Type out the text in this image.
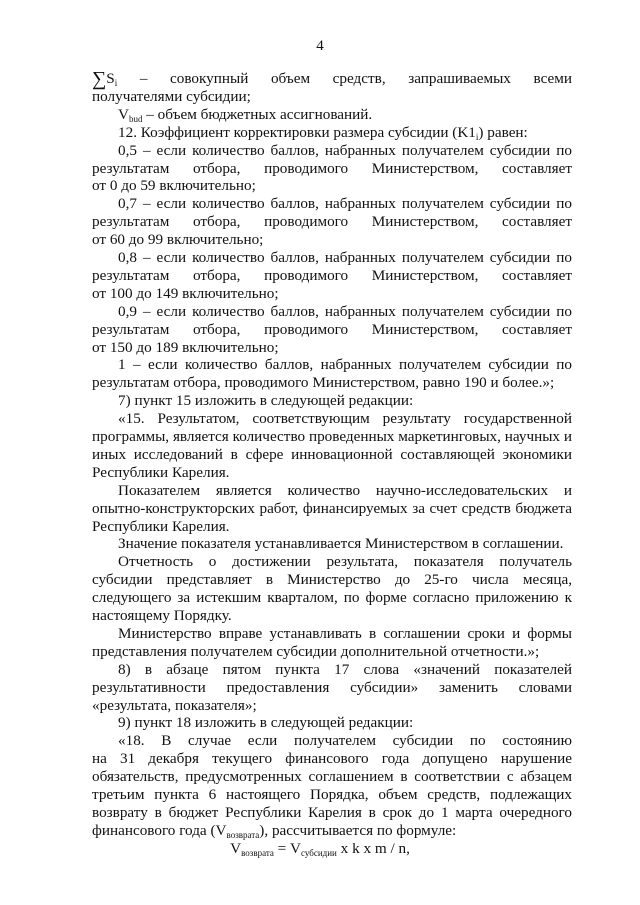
4
$\sum S_i$ – совокупный объем средств, запрашиваемых всеми
получателями субсидии;
$V_{bud}$ – объем бюджетных ассигнований.
12. Коэффициент корректировки размера субсидии $(K1_i)$ равен:
0,5 – если количество баллов, набранных получателем субсидии по
результатам отбора, проводимого Министерством, составляет
от 0 до 59 включительно;
0,7 – если количество баллов, набранных получателем субсидии по
результатам отбора, проводимого Министерством, составляет
от 60 до 99 включительно;
0,8 – если количество баллов, набранных получателем субсидии по
результатам отбора, проводимого Министерством, составляет
от 100 до 149 включительно;
0,9 – если количество баллов, набранных получателем субсидии по
результатам отбора, проводимого Министерством, составляет
от 150 до 189 включительно;
1 – если количество баллов, набранных получателем субсидии по
результатам отбора, проводимого Министерством, равно 190 и более.»;
7) пункт 15 изложить в следующей редакции:
«15. Результатом, соответствующим результату государственной
программы, является количество проведенных маркетинговых, научных и
иных исследований в сфере инновационной составляющей экономики
Республики Карелия.
Показателем является количество научно-исследовательских и
опытно-конструкторских работ, финансируемых за счет средств бюджета
Республики Карелия.
Значение показателя устанавливается Министерством в соглашении.
Отчетность о достижении результата, показателя получатель
субсидии представляет в Министерство до 25-го числа месяца,
следующего за истекшим кварталом, по форме согласно приложению к
настоящему Порядку.
Министерство вправе устанавливать в соглашении сроки и формы
представления получателем субсидии дополнительной отчетности.»;
8) в абзаце пятом пункта 17 слова «значений показателей
результативности предоставления субсидии» заменить словами
«результата, показателя»;
9) пункт 18 изложить в следующей редакции:
«18. В случае если получателем субсидии по состоянию
на 31 декабря текущего финансового года допущено нарушение
обязательств, предусмотренных соглашением в соответствии с абзацем
третьим пункта 6 настоящего Порядка, объем средств, подлежащих
возврату в бюджет Республики Карелия в срок до 1 марта очередного
финансового года $(V_{возврата})$, рассчитывается по формуле:
$V_{возврата} = V_{субсидии}$ x k x m / n,
